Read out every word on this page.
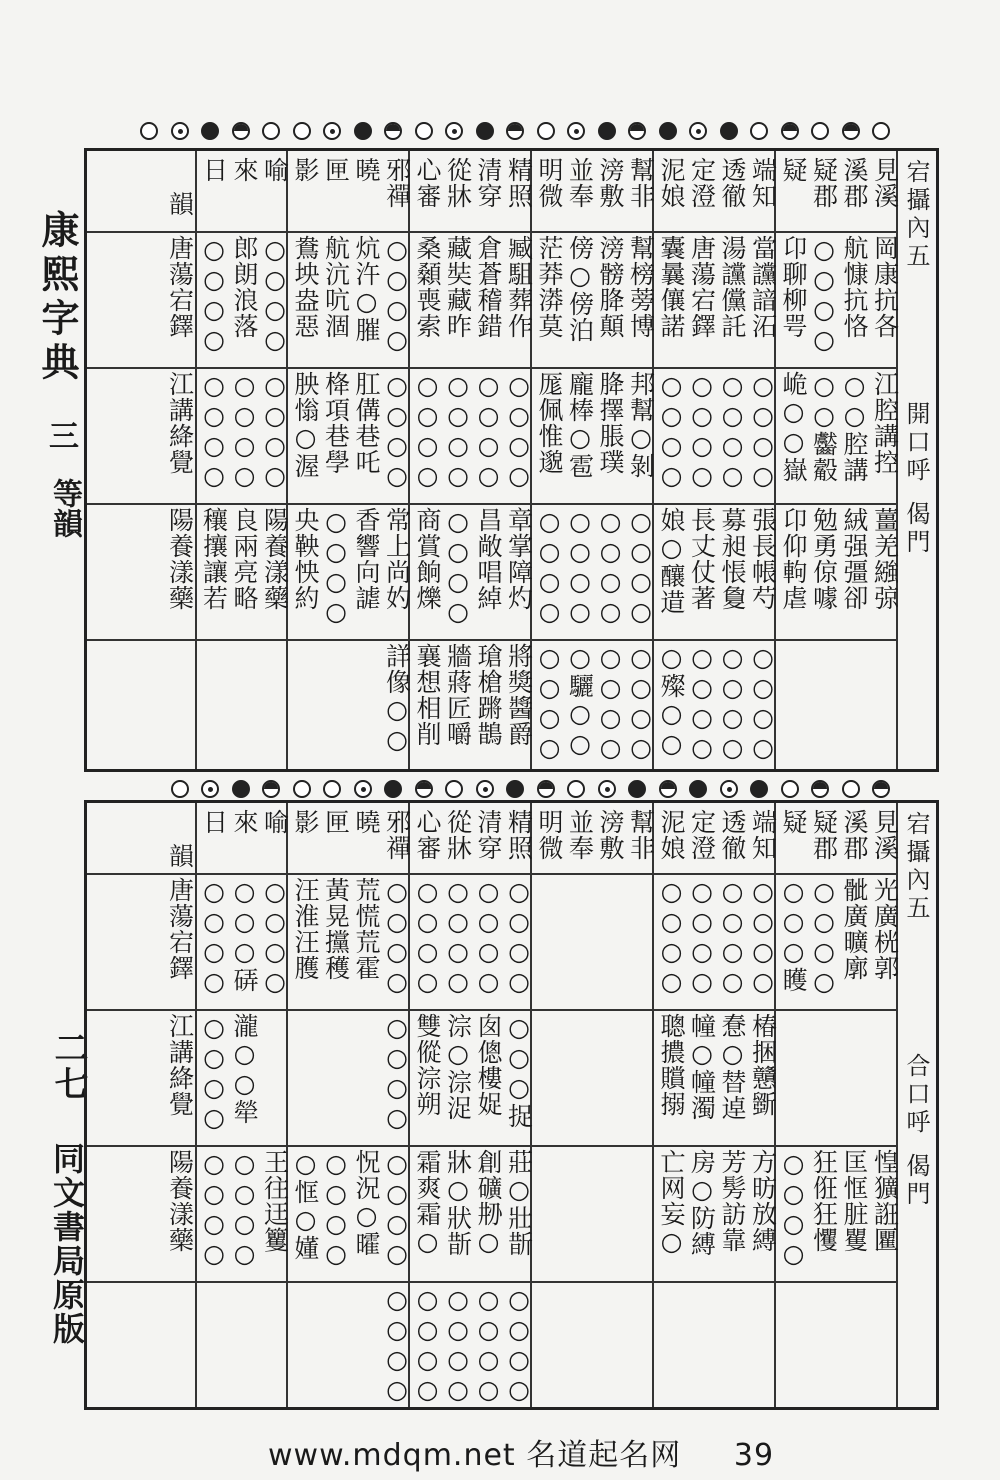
康熙字典
三
等韻
二七
同文書局原版
宕攝內五
開口呼
偈門
見溪
岡康抗各
江腔講控
薑羌繈弶
溪郡
航慷抗恪
○○腔講
絨强彊卻
疑郡
○○○○
○○齾觳
勉勇倞噱
疑
卬聊柳咢
峗○○嶽
卬仰軥虐
端知
當讜諳沰
○○○○
張長帳芍
○○○○
透徹
湯讜儻託
○○○○
募昶悵敻
○○○○
定澄
唐蕩宕鐸
○○○○
長丈仗著
○○○○
泥娘
囊曩儴諾
○○○○
娘○釀逪
○殩○○
幫非
幫榜蒡博
邦幫○剝
○○○○
○○○○
滂敷
滂髈胮顛
胮擇脹璞
○○○○
○○○○
並奉
傍○傍泊
龐棒○雹
○○○○
○驪○○
明微
茫莽漭莫
厖佩惟邈
○○○○
○○○○
精照
臧駔葬作
○○○○
章掌障灼
將獎醬爵
清穿
倉蒼稽錯
○○○○
昌敞唱綽
瑲槍蹡鵲
從牀
藏奘藏昨
○○○○
○○○○
牆蔣匠嚼
心審
桑顙喪索
○○○○
商賞餉爍
襄想相削
邪禪
○○○○
○○○○
常上尚妁
詳像○○
曉
炕汻○膗
肛傋巷吒
香響向謔
匣
航沆吭涸
栙項巷學
○○○○
影
鴦坱盎惡
胦慃○渥
央鞅怏約
喻
○○○○
○○○○
陽養漾藥
來
郎朗浪落
○○○○
良兩亮略
日
○○○○
○○○○
穰攘讓若
韻
唐蕩宕鐸
江講絳覺
陽養漾藥
宕攝內五
合口呼
偈門
見溪
光廣桄郭
惶獷誑匷
溪郡
骴廣曠廓
匡恇脏矍
疑郡
○○○○
狂俇狂戄
疑
○○○矆
○○○○
端知
○○○○
椿捆戇斵
方昉放縛
透徹
○○○○
惷○替逴
芳髣訪靠
定澄
○○○○
幢○幢濁
房○防縛
泥娘
○○○○
聰擃贘搦
亡网妄○
幫非
滂敷
並奉
明微
精照
○○○○
○○○捉
莊○壯斮
○○○○
清穿
○○○○
囱傯樓娖
創礦刱○
○○○○
從牀
○○○○
淙○淙浞
牀○狀斮
○○○○
心審
○○○○
雙傱淙朔
霜爽霜○
○○○○
邪禪
○○○○
○○○○
○○○○
○○○○
曉
荒慌荒霍
怳況○曤
匣
黃晃攩穫
○○○○
影
汪淮汪臒
○恇○嬞
喻
○○○○
王往迋籰
來
○○○硦
瀧○○犖
○○○○
日
○○○○
○○○○
○○○○
韻
唐蕩宕鐸
江講絳覺
陽養漾藥
www.mdqm.net 名道起名网     39
